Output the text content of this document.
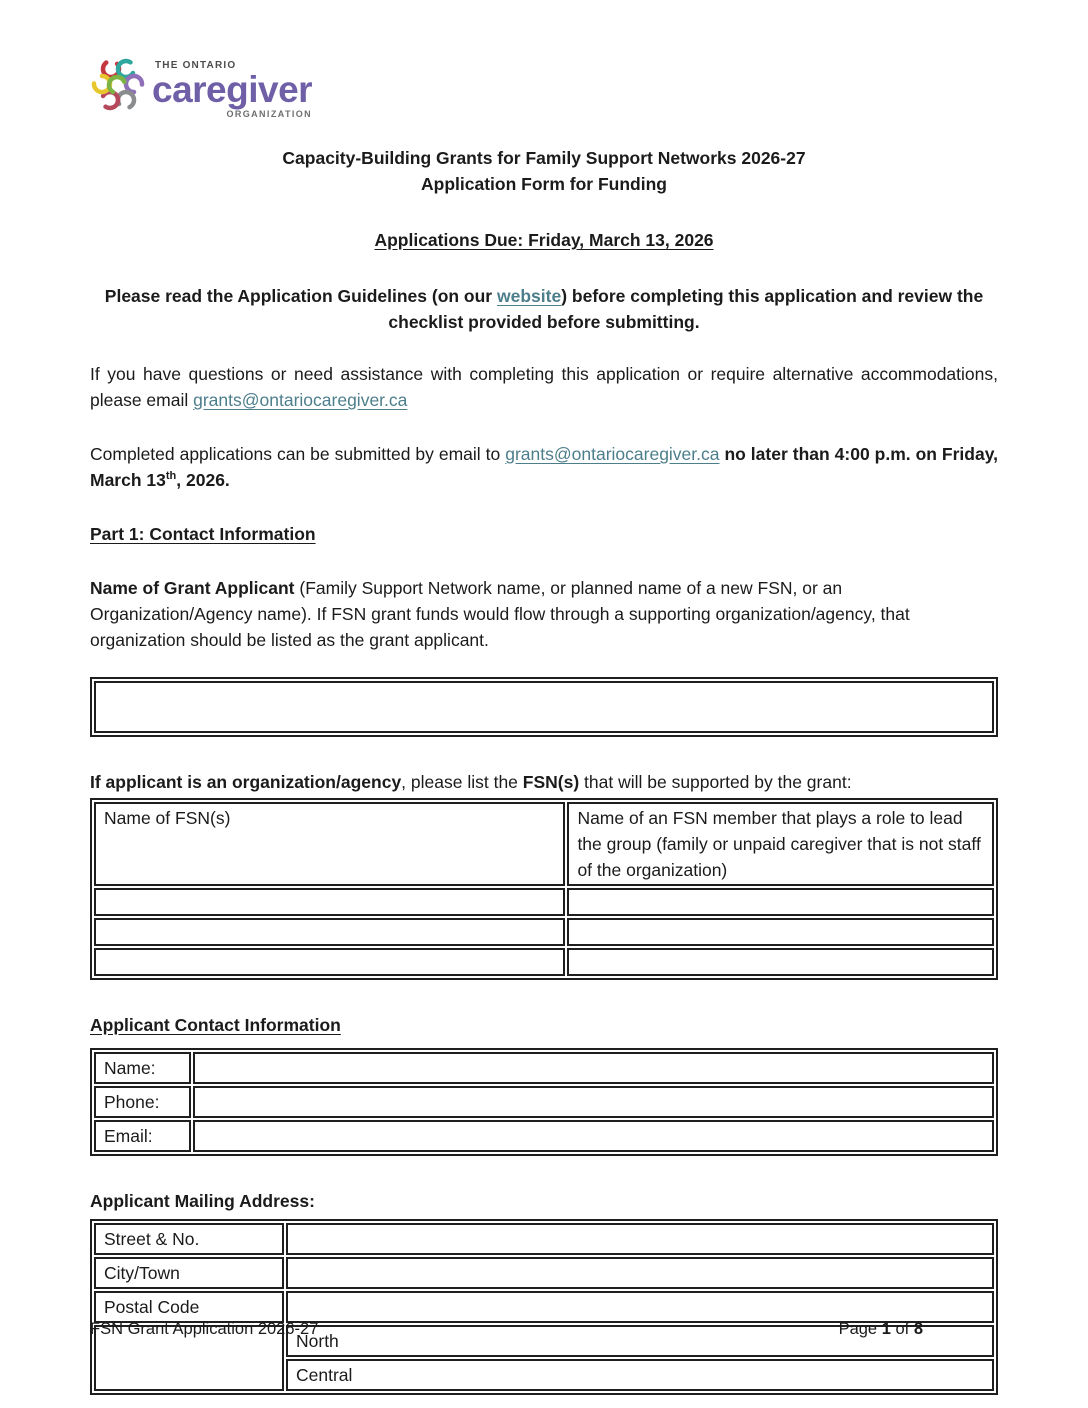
THE ONTARIO
caregiver
ORGANIZATION

Capacity-Building Grants for Family Support Networks 2026-27

Application Form for Funding

Applications Due: Friday, March 13, 2026

Please read the Application Guidelines (on our website) before completing this application and review the checklist provided before submitting.

If you have questions or need assistance with completing this application or require alternative accommodations, please email grants@ontariocaregiver.ca

Completed applications can be submitted by email to grants@ontariocaregiver.ca no later than 4:00 p.m. on Friday, March 13th, 2026.

Part 1: Contact Information

Name of Grant Applicant (Family Support Network name, or planned name of a new FSN, or an Organization/Agency name). If FSN grant funds would flow through a supporting organization/agency, that organization should be listed as the grant applicant.

If applicant is an organization/agency, please list the FSN(s) that will be supported by the grant:

Name of FSN(s)	Name of an FSN member that plays a role to lead the group (family or unpaid caregiver that is not staff of the organization)

Applicant Contact Information
Name:	
Phone:	
Email:	
Applicant Mailing Address:
Street & No.	
City/Town	
Postal Code	
	North
	Central
FSN Grant Application 2026-27	Page 1 of 8
